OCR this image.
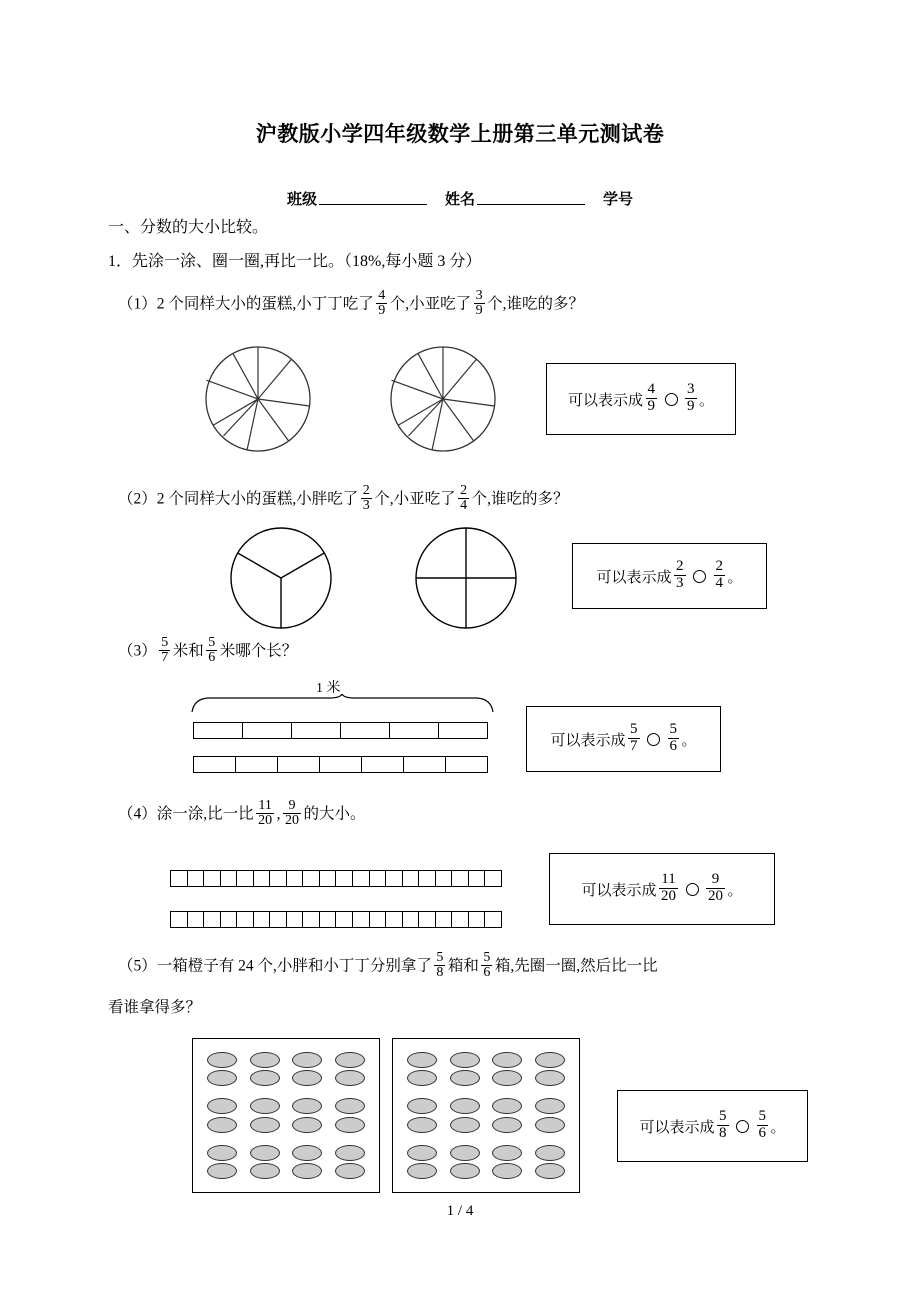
沪教版小学四年级数学上册第三单元测试卷
班级	姓名	学号
一、分数的大小比较。
1．先涂一涂、圈一圈,再比一比。（18%,每小题 3 分）
（1）2 个同样大小的蛋糕,小丁丁吃了 $\frac{4}{9}$ 个,小亚吃了 $\frac{3}{9}$ 个,谁吃的多？
可以表示成 $\frac{4}{9} \frac{3}{9}$ 。
（2）2 个同样大小的蛋糕,小胖吃了 $\frac{2}{3}$ 个,小亚吃了 $\frac{2}{4}$ 个,谁吃的多？
可以表示成 $\frac{2}{3} \frac{2}{4}$ 。
$(3) \frac{5}{7}$ 米和 $\frac{5}{6}$ 米哪个长？
1 米
可以表示成 $\frac{5}{7} \frac{5}{6}$ 。
（4）涂一涂,比一比 $\frac{11}{20}$ , $\frac{9}{20}$ 的大小。
可以表示成 $\frac{11}{20} \frac{9}{20}$ 。
（5）一箱橙子有 24 个,小胖和小丁丁分别拿了 $\frac{5}{8}$ 箱和 $\frac{5}{6}$ 箱,先圈一圈,然后比一比
看谁拿得多？
可以表示成 $\frac{5}{8} \frac{5}{6}$ 。
1 / 4
